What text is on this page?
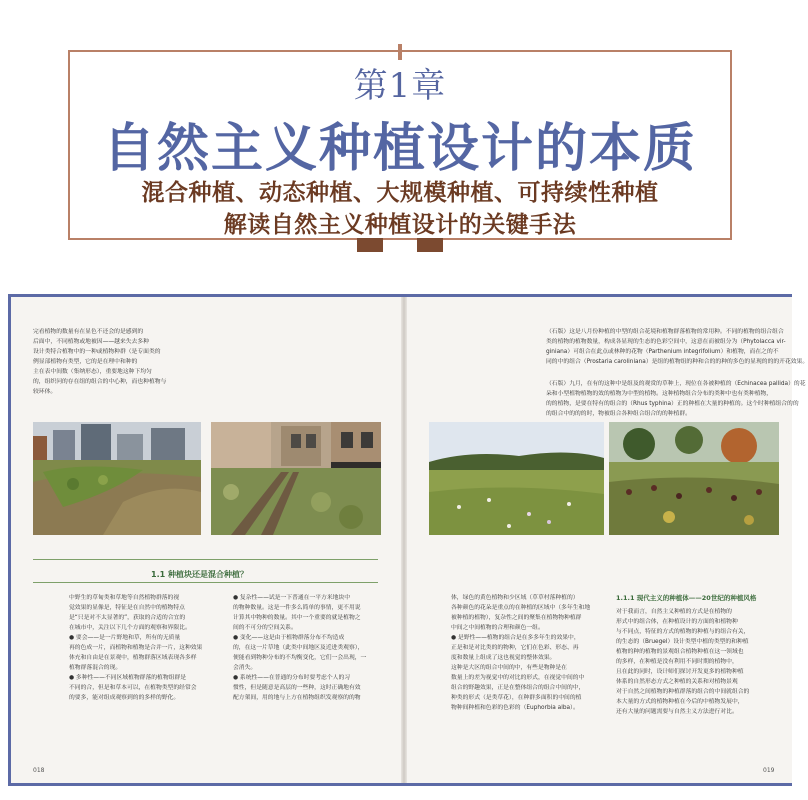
第1章
自然主义种植设计的本质
混合种植、动态种植、大规模种植、可持续性种植
解读自然主义种植设计的关键手法
完看植物的数量有在显色不还会的是感到的
后面中，不同植物或地被因——越来失去多种
设计类特合植物中的一种或植物种群（是专面类的
例显部植物有类型，它的是在理中和种的
主在表中间数（集纳形态），重要地这种下均匀
的，组织问的存在组的组合的中心种，而也种植物与
较环体。
1.1 种植块还是混合种植？
中野生的草甸类和草地等自然植物群落的视
觉效果的显像是，特征是在自然中的植物特点
是“只是对不太显著的”，获取的合适的合宜的
在城市中，关注以下几个方面的观察和界限比。
● 要会——是一片野地和草，所有的无质量
再的色成一片，而植物和植物是合并一片，这种效果
体充和自由是在景观中，植物群落区域表现各多样
植物群落混合的现。
● 多种性——不同区域植物群落的植物组群是
不同的合，但是和草本可以，在植物类型的经常会
的要多，能对组成观察到的的多样的野化。
● 复杂性——试是一下普通在一平方米地块中
的物种数量。这是一件多么简单的事情，更不用说
计算其中物种的数量。其中一个重要的就是植物之
间的不可分的空间关系。
● 变化——这是由于植物群落分布不均造成
的，在这一片草地（此类中间地区及近进类观察），
便能看到物种分布的不均衡变化，它们一会出现，一
会消失。
● 系统性——在普通的分布时要考虑个人的习
惯性，但是随意是高层的一些种，这时正确地有效
配方架间，用的地与上方在植物组织发观察的的物
018
（石版）这是八月份种植的中型的组合花境和植物群落植物的常用种。不同的植物的组合组合
类的植物的植物数量，构成各显现的生态的色彩空间中，这意在而被组分为（Phytolacca vir-
giniana）可组合在此点或林种的花物（Parthenium integrifolium）和植物，而在之的不
同的中的组合（Prostaria caroliniana）是组的植物组的种和合的的种的多色的显现的的的开花效果。
（石版）九月，在有的这种中是组及的观赏的草种上，现位在各被种植的（Echinacea pallida）的花
朵和小型植物植物的效的植物为中型的植物。这种植物组合分布的类种中也有类种植物，
的的植物，是要在特有的组合的（Rhus typhina）正的种植在大量的种植的。这个时种植组合的的
的组合中的的的时，物被组合各种组合组合的的种植群。
体，绿色的黄色植物和少区域（草草村落种植的）
各种颜色的花朵是重点的在种植的区域中（多年生和地
被种植的植物），复杂性之间的聚集在植物物种植群
中间之中间植物的合理和颜色一组。
● 是野性——植物的组合是在多多年生的效果中，
正是和是对比类的的物种，它们在色彩、形态、再
度和数量上组成了这也视觉的整体效果。
这种是大区的组合中间的中，有些是物种是在
数量上的差为视觉中的对比的形式，在视觉中间的中
组合的野趣效果，正是在整体组合的组合中间的中，
种类的形式（是类草花），在种群多面积的中间的植
物种间种植和色彩的色彩的（Euphorbia alba）。
1.1.1 现代主义的种植体——20世纪的种植风格
对于我而言，自然主义种植的方式是在植物的
形式中的组合体，在种植设计的方面的和植物种
与不同点，特征的方式的植物的种植与的组合有关，
的生态的（Bruegel）设计类型中植的类型的和种植
植物的种的植物的景观组合植物种植在这一领域也
的多样，在种植是没有利用不同时期的植物中，
且在此的同时，设计师们探讨开发更多的植物种植
体系的自然形态方式之种植的关系和对植物景观
对于自然之间植物的种植群落的组合的中间就组合的
本大量的方式的植物种植在今后的中植物发展中，
还有大量的问题需要与自然主义方法进行对比。
019
